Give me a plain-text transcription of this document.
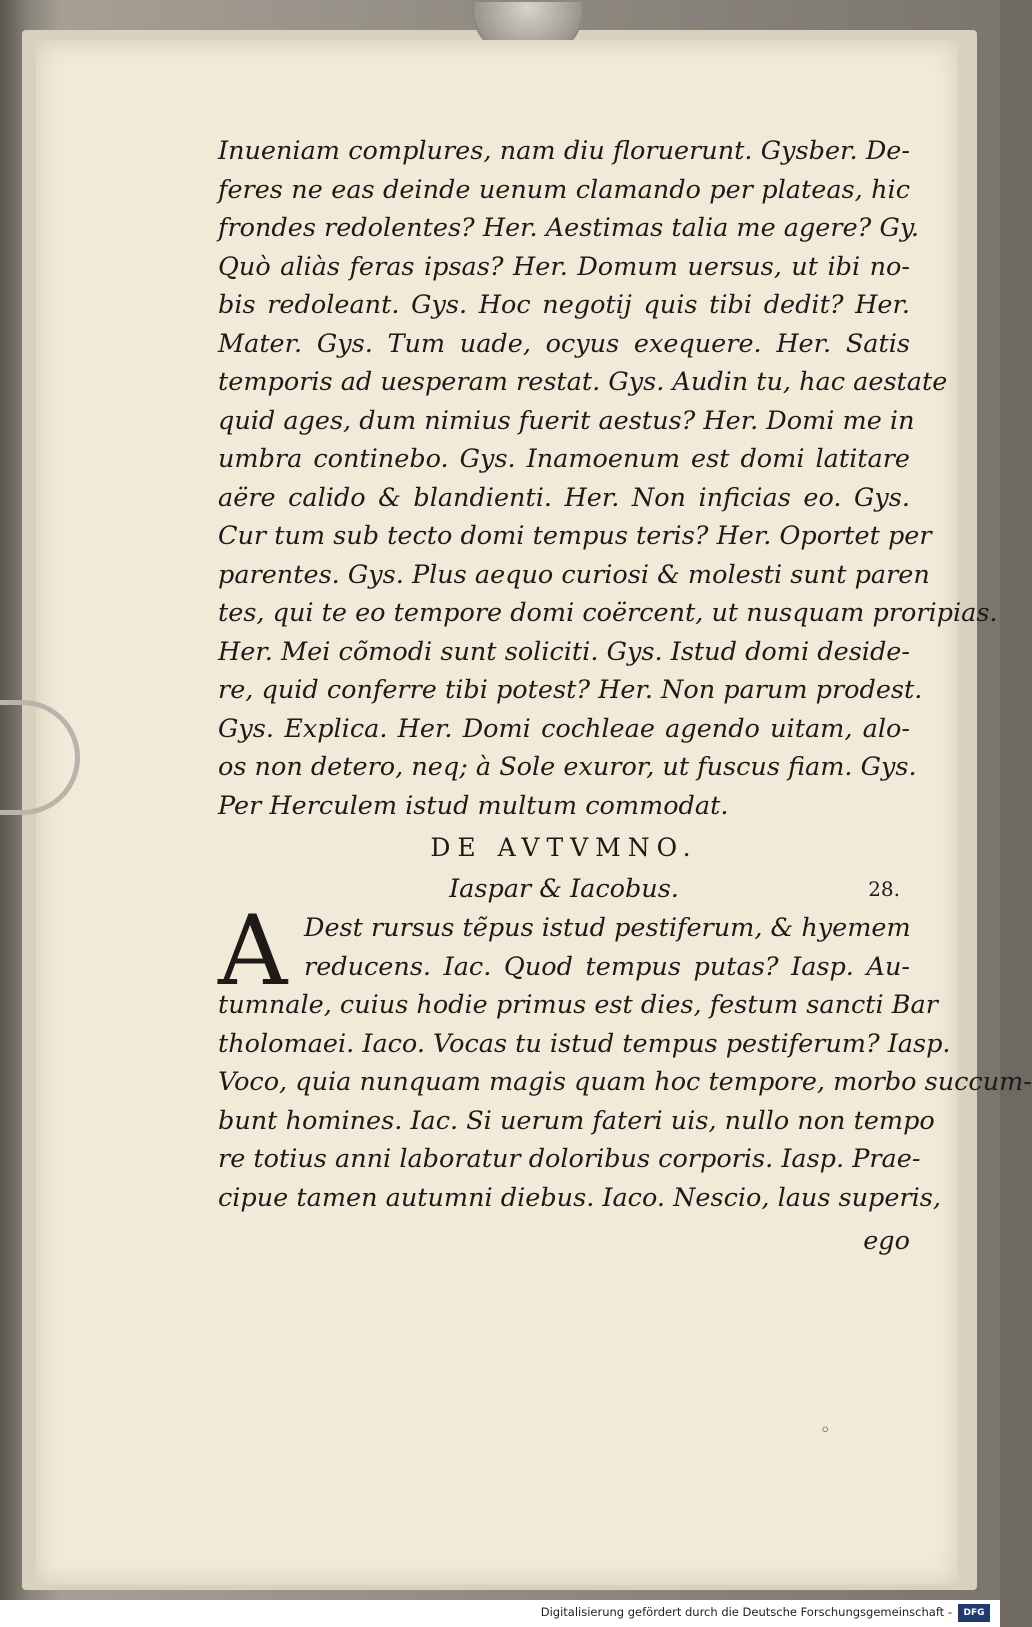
Inueniam complures, nam diu floruerunt. Gysber. De-
feres ne eas deinde uenum clamando per plateas, hic
frondes redolentes? Her. Aestimas talia me agere? Gy.
Quò aliàs feras ipsas? Her. Domum uersus, ut ibi no-
bis redoleant. Gys. Hoc negotij quis tibi dedit? Her.
Mater. Gys. Tum uade, ocyus exequere. Her. Satis
temporis ad uesperam restat. Gys. Audin tu, hac aestate
quid ages, dum nimius fuerit aestus? Her. Domi me in
umbra continebo. Gys. Inamoenum est domi latitare
aëre calido & blandienti. Her. Non inficias eo. Gys.
Cur tum sub tecto domi tempus teris? Her. Oportet per
parentes. Gys. Plus aequo curiosi & molesti sunt paren
tes, qui te eo tempore domi coërcent, ut nusquam proripias.
Her. Mei cõmodi sunt soliciti. Gys. Istud domi deside-
re, quid conferre tibi potest? Her. Non parum prodest.
Gys. Explica. Her. Domi cochleae agendo uitam, alo-
os non detero, neq; à Sole exuror, ut fuscus fiam. Gys.
Per Herculem istud multum commodat.
DE AVTVMNO.
Iaspar & Iacobus.	28.
A Dest rursus tẽpus istud pestiferum, & hyemem
reducens. Iac. Quod tempus putas? Iasp. Au-
tumnale, cuius hodie primus est dies, festum sancti Bar
tholomaei. Iaco. Vocas tu istud tempus pestiferum? Iasp.
Voco, quia nunquam magis quam hoc tempore, morbo succum-
bunt homines. Iac. Si uerum fateri uis, nullo non tempo
re totius anni laboratur doloribus corporis. Iasp. Prae-
cipue tamen autumni diebus. Iaco. Nescio, laus superis,
ego
◦
Digitalisierung gefördert durch die Deutsche Forschungsgemeinschaft -	DFG
